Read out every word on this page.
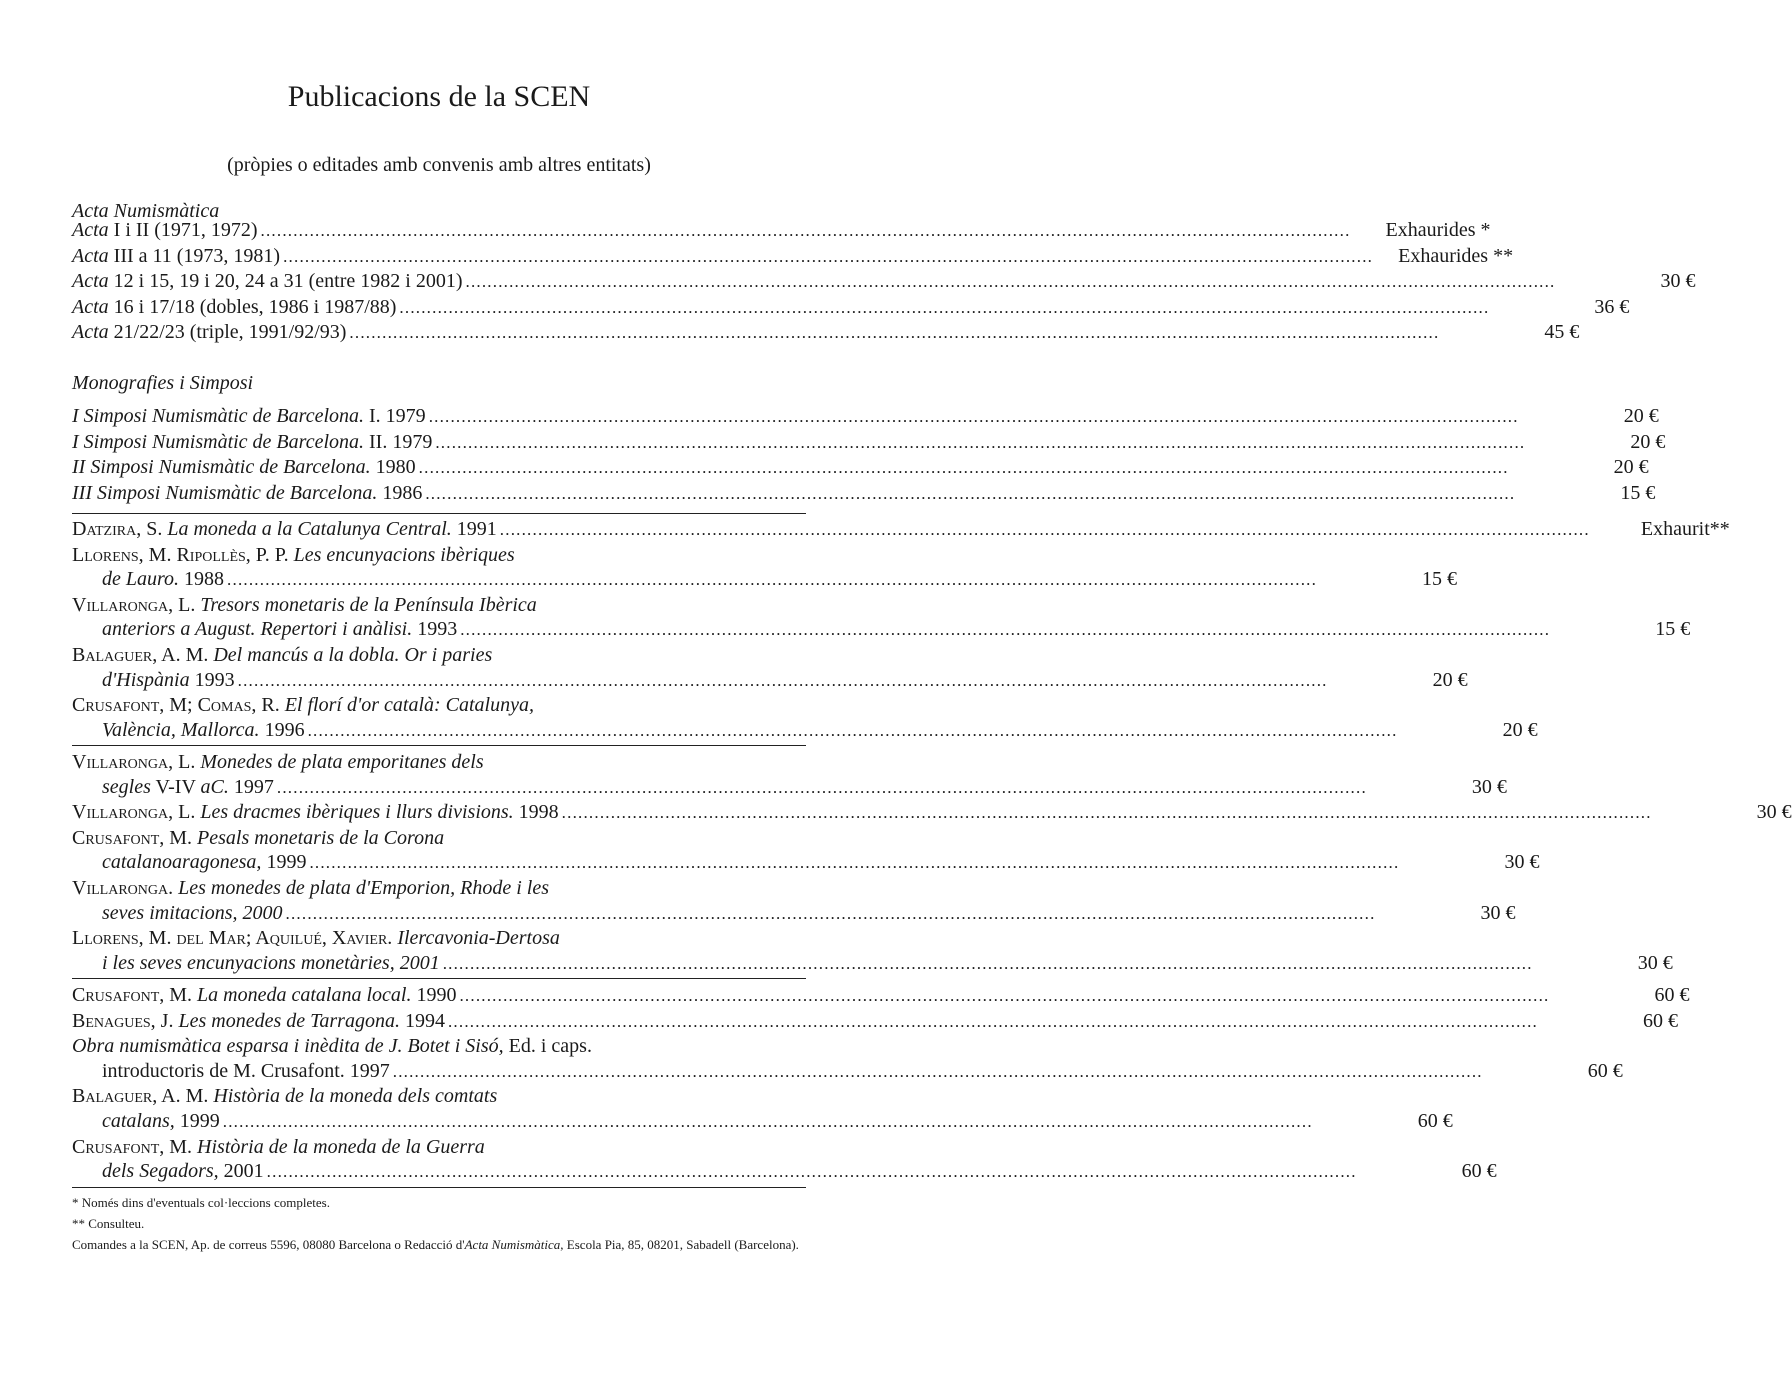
Publicacions de la SCEN
(pròpies o editades amb convenis amb altres entitats)
Acta Numismàtica
Acta I i II (1971, 1972) ........................................................................................................................................................................................................	Exhaurides *
Acta III a 11 (1973, 1981) ........................................................................................................................................................................................................	Exhaurides **
Acta 12 i 15, 19 i 20, 24 a 31 (entre 1982 i 2001) ........................................................................................................................................................................................................	30 €
Acta 16 i 17/18 (dobles, 1986 i 1987/88) ........................................................................................................................................................................................................	36 €
Acta 21/22/23 (triple, 1991/92/93) ........................................................................................................................................................................................................	45 €
Monografies i Simposi
I Simposi Numismàtic de Barcelona. I. 1979 ........................................................................................................................................................................................................	20 €
I Simposi Numismàtic de Barcelona. II. 1979 ........................................................................................................................................................................................................	20 €
II Simposi Numismàtic de Barcelona. 1980 ........................................................................................................................................................................................................	20 €
III Simposi Numismàtic de Barcelona. 1986 ........................................................................................................................................................................................................	15 €
Datzira, S. La moneda a la Catalunya Central. 1991 ........................................................................................................................................................................................................	Exhaurit**
Llorens, M. Ripollès, P. P. Les encunyacions ibèriques
de Lauro. 1988 ........................................................................................................................................................................................................	15 €
Villaronga, L. Tresors monetaris de la Península Ibèrica
anteriors a August. Repertori i anàlisi. 1993 ........................................................................................................................................................................................................	15 €
Balaguer, A. M. Del mancús a la dobla. Or i paries
d'Hispània 1993 ........................................................................................................................................................................................................	20 €
Crusafont, M; Comas, R. El florí d'or català: Catalunya,
València, Mallorca. 1996 ........................................................................................................................................................................................................	20 €
Villaronga, L. Monedes de plata emporitanes dels
segles V-IV aC. 1997 ........................................................................................................................................................................................................	30 €
Villaronga, L. Les dracmes ibèriques i llurs divisions. 1998 ........................................................................................................................................................................................................	30 €
Crusafont, M. Pesals monetaris de la Corona
catalanoaragonesa, 1999 ........................................................................................................................................................................................................	30 €
Villaronga. Les monedes de plata d'Emporion, Rhode i les
seves imitacions, 2000 ........................................................................................................................................................................................................	30 €
Llorens, M. del Mar; Aquilué, Xavier. Ilercavonia-Dertosa
i les seves encunyacions monetàries, 2001 ........................................................................................................................................................................................................	30 €
Crusafont, M. La moneda catalana local. 1990 ........................................................................................................................................................................................................	60 €
Benagues, J. Les monedes de Tarragona. 1994 ........................................................................................................................................................................................................	60 €
Obra numismàtica esparsa i inèdita de J. Botet i Sisó, Ed. i caps.
introductoris de M. Crusafont. 1997 ........................................................................................................................................................................................................	60 €
Balaguer, A. M. Història de la moneda dels comtats
catalans, 1999 ........................................................................................................................................................................................................	60 €
Crusafont, M. Història de la moneda de la Guerra
dels Segadors, 2001 ........................................................................................................................................................................................................	60 €

* Només dins d'eventuals col·leccions completes.

** Consulteu.

Comandes a la SCEN, Ap. de correus 5596, 08080 Barcelona o Redacció d'Acta Numismàtica, Escola Pia, 85, 08201, Sabadell (Barcelona).
